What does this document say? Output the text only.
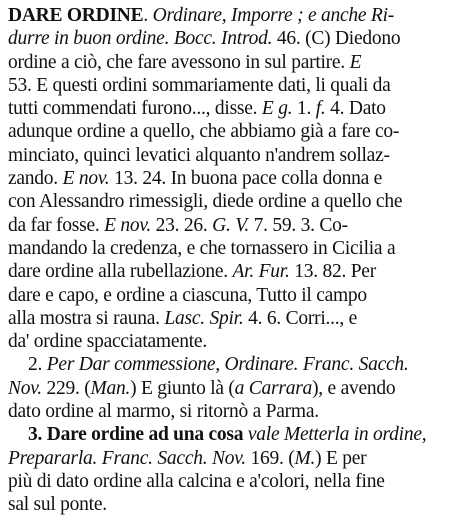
DARE ORDINE. Ordinare, Imporre ; e anche Ri-
durre in buon ordine. Bocc. Introd. 46. (C) Diedono
ordine a ciò, che fare avessono in sul partire. E
53. E questi ordini sommariamente dati, li quali da
tutti commendati furono..., disse. E g. 1. f. 4. Dato
adunque ordine a quello, che abbiamo già a fare co-
minciato, quinci levatici alquanto n'andrem sollaz-
zando. E nov. 13. 24. In buona pace colla donna e
con Alessandro rimessigli, diede ordine a quello che
da far fosse. E nov. 23. 26. G. V. 7. 59. 3. Co-
mandando la credenza, e che tornassero in Cicilia a
dare ordine alla rubellazione. Ar. Fur. 13. 82. Per
dare e capo, e ordine a ciascuna, Tutto il campo
alla mostra si rauna. Lasc. Spir. 4. 6. Corri..., e
da' ordine spacciatamente.
2. Per Dar commessione, Ordinare. Franc. Sacch.
Nov. 229. (Man.) E giunto là (a Carrara), e avendo
dato ordine al marmo, si ritornò a Parma.
3. Dare ordine ad una cosa vale Metterla in ordine,
Prepararla. Franc. Sacch. Nov. 169. (M.) E per
più di dato ordine alla calcina e a'colori, nella fine
sal sul ponte.
